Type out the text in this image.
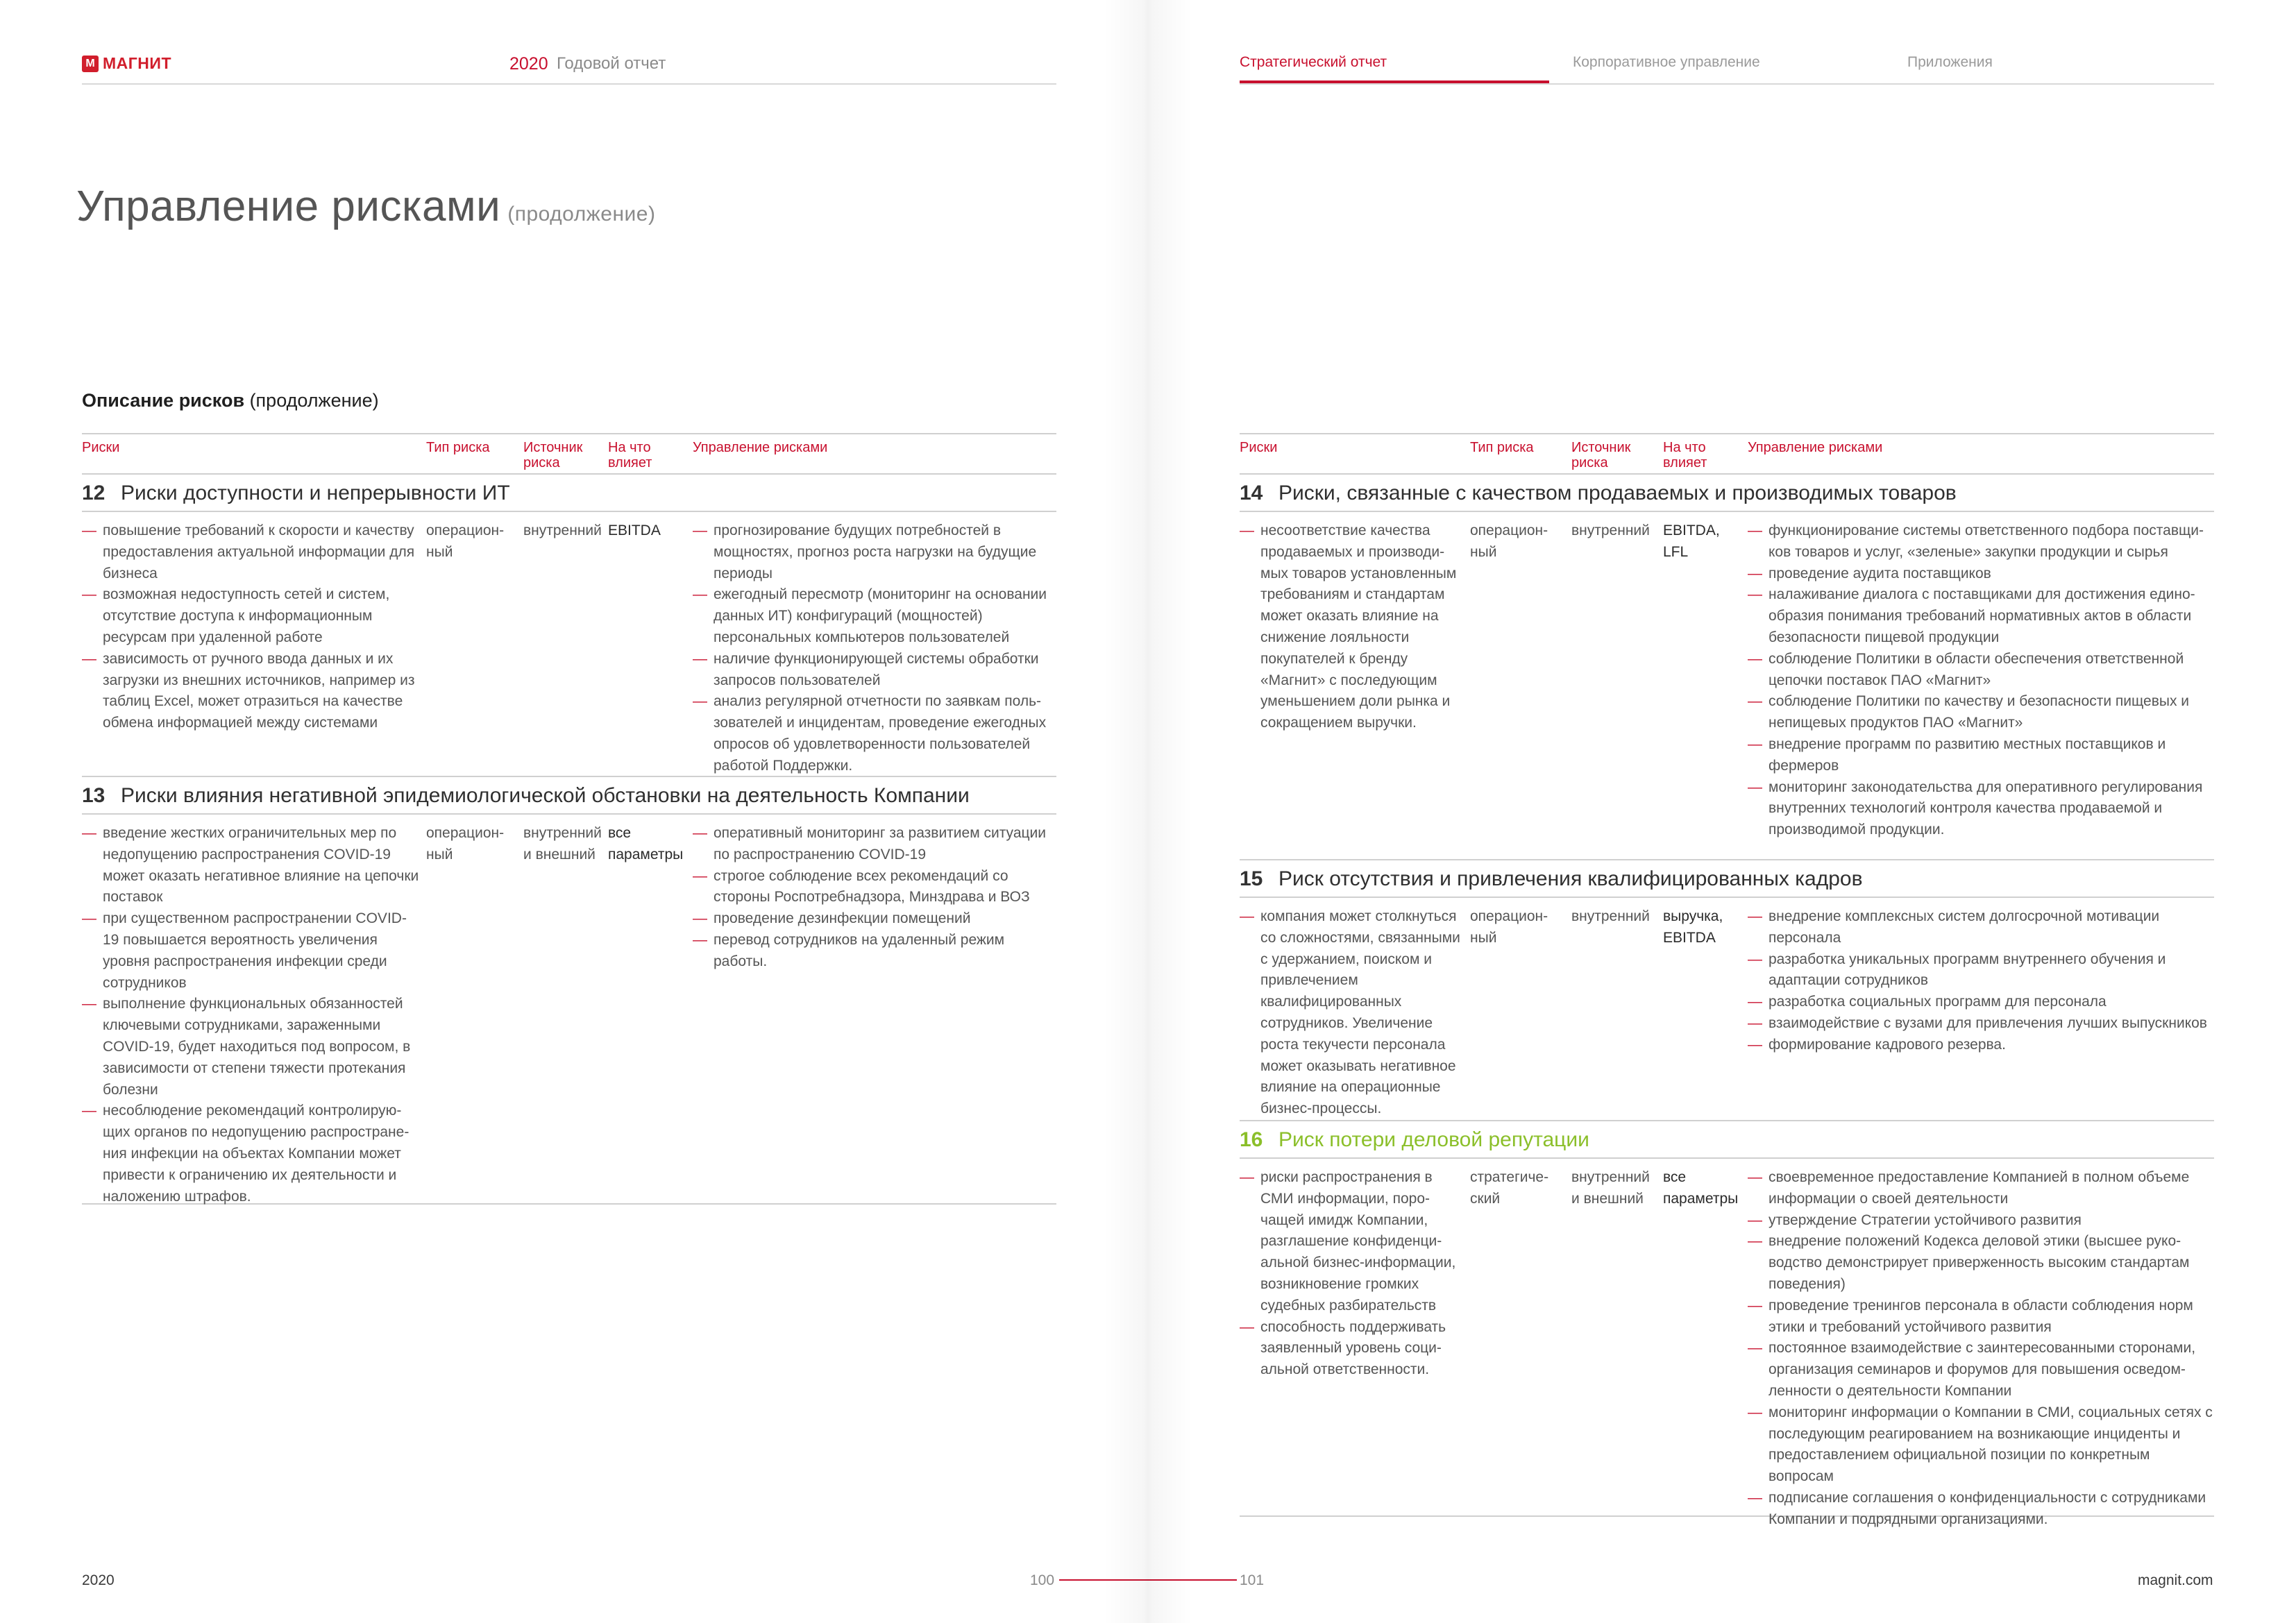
М МАГНИТ	2020 Годовой отчет
Управление рисками (продолжение)
Описание рисков (продолжение)
Риски	Тип риска	Источник риска
На что влияет
Управление рисками
12 Риски доступности и непрерывности ИТ
— повышение требований к скорости и качеству предоставления актуальной информации для бизнеса
— возможная недоступность сетей и систем, отсутствие доступа к информационным ресурсам при удаленной работе
— зависимость от ручного ввода данных и их загрузки из внешних источников, например из таблиц Excel, может отразиться на качестве обмена информацией между системами
операционный
внутренний EBITDA
—	прогнозирование будущих потребностей в мощностях, прогноз роста нагрузки на будущие периоды
— ежегодный пересмотр (мониторинг на основании данных ИТ) конфигураций (мощностей) персональных компьютеров пользователей
— наличие функционирующей системы обработки запросов пользователей
— анализ регулярной отчетности по заявкам пользователей и инцидентам, проведение ежегодных опросов об удовлетворенности пользователей работой Поддержки.
13 Риски влияния негативной эпидемиологической обстановки на деятельность Компании
— введение жестких ограничительных мер по недопущению распространения COVID-19 может оказать негативное влияние на цепочки поставок
— при существенном распространении COVID-19 повышается вероятность увеличения уровня распространения инфекции среди сотрудников
— выполнение функциональных обязанностей ключевыми сотрудниками, зараженными COVID-19, будет находиться под вопросом, в зависимости от степени тяжести протекания болезни
— несоблюдение рекомендаций контролирующих органов по недопущению распространения инфекции на объектах Компании может привести к ограничению их деятельности и наложению штрафов.
операционный
внутренний и внешний
все параметры
— оперативный мониторинг за развитием ситуации по распространению COVID-19
— строгое соблюдение всех рекомендаций со стороны Роспотребнадзора, Минздрава и ВОЗ
— проведение дезинфекции помещений
— перевод сотрудников на удаленный режим работы.
2020	100
Стратегический отчет	Корпоративное управление	Приложения
Риски	Тип риска	Источник риска
На что влияет
Управление рисками
14 Риски, связанные с качеством продаваемых и производимых товаров
— несоответствие качества продаваемых и производимых товаров установленным требованиям и стандартам может оказать влияние на снижение лояльности покупателей к бренду «Магнит» с последующим уменьшением доли рынка и сокращением выручки.
операционный
внутренний EBITDA, LFL
— функционирование системы ответственного подбора поставщиков товаров и услуг, «зеленые» закупки продукции и сырья
— проведение аудита поставщиков
— налаживание диалога с поставщиками для достижения единообразия понимания требований нормативных актов в области безопасности пищевой продукции
— соблюдение Политики в области обеспечения ответственной цепочки поставок ПАО «Магнит»
— соблюдение Политики по качеству и безопасности пищевых и непищевых продуктов ПАО «Магнит»
— внедрение программ по развитию местных поставщиков и фермеров
— мониторинг законодательства для оперативного регулирования внутренних технологий контроля качества продаваемой и производимой продукции.
15 Риск отсутствия и привлечения квалифицированных кадров
— компания может столкнуться со сложностями, связанными с удержанием, поиском и привлечением квалифицированных сотрудников. Увеличение роста текучести персонала может оказывать негативное влияние на операционные бизнес-процессы.
операционный
внутренний выручка, EBITDA
— внедрение комплексных систем долгосрочной мотивации персонала
— разработка уникальных программ внутреннего обучения и адаптации сотрудников
— разработка социальных программ для персонала
— взаимодействие с вузами для привлечения лучших выпускников
— формирование кадрового резерва.
16 Риск потери деловой репутации
— риски распространения в СМИ информации, порочащей имидж Компании, разглашение конфиденциальной бизнес-информации, возникновение громких судебных разбирательств
— способность поддерживать заявленный уровень социальной ответственности.
стратегический
внутренний и внешний
все параметры
— своевременное предоставление Компанией в полном объеме информации о своей деятельности
— утверждение Стратегии устойчивого развития
— внедрение положений Кодекса деловой этики (высшее руководство демонстрирует приверженность высоким стандартам поведения)
— проведение тренингов персонала в области соблюдения норм этики и требований устойчивого развития
— постоянное взаимодействие с заинтересованными сторонами, организация семинаров и форумов для повышения осведомленности о деятельности Компании
— мониторинг информации о Компании в СМИ, социальных сетях с последующим реагированием на возникающие инциденты и предоставлением официальной позиции по конкретным вопросам
— подписание соглашения о конфиденциальности с сотрудниками Компании и подрядными организациями.
101	magnit.com
